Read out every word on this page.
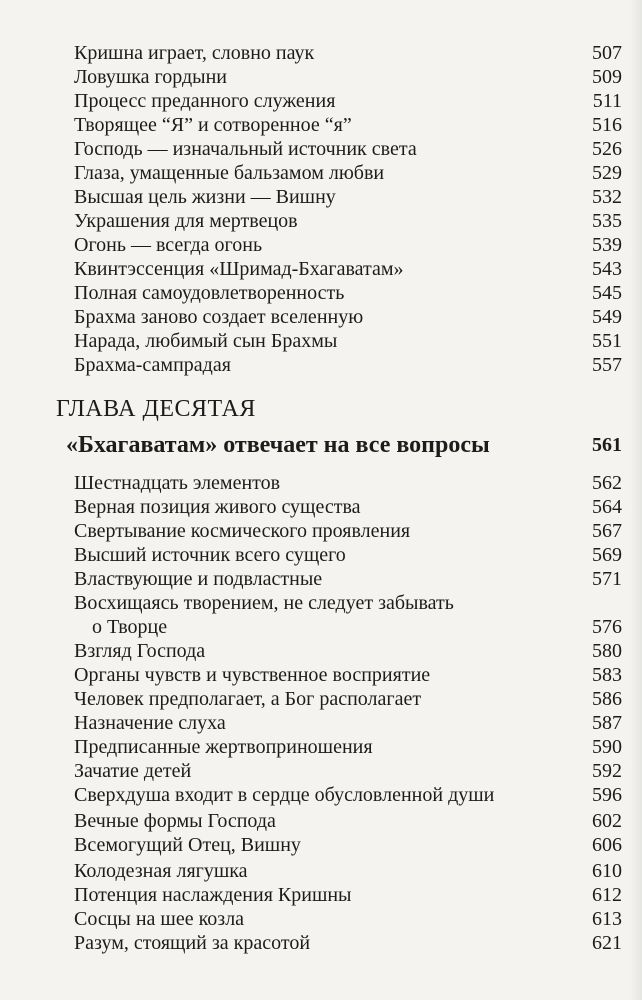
Кришна играет, словно паук	507
Ловушка гордыни	509
Процесс преданного служения	511
Творящее “Я” и сотворенное “я”	516
Господь — изначальный источник света	526
Глаза, умащенные бальзамом любви	529
Высшая цель жизни — Вишну	532
Украшения для мертвецов	535
Огонь — всегда огонь	539
Квинтэссенция «Шримад-Бхагаватам»	543
Полная самоудовлетворенность	545
Брахма заново создает вселенную	549
Нарада, любимый сын Брахмы	551
Брахма-сампрадая	557
ГЛАВА ДЕСЯТАЯ
«Бхагаватам» отвечает на все вопросы	561
Шестнадцать элементов	562
Верная позиция живого существа	564
Свертывание космического проявления	567
Высший источник всего сущего	569
Властвующие и подвластные	571
Восхищаясь творением, не следует забывать
о Творце	576
Взгляд Господа	580
Органы чувств и чувственное восприятие	583
Человек предполагает, а Бог располагает	586
Назначение слуха	587
Предписанные жертвоприношения	590
Зачатие детей	592
Сверхдуша входит в сердце обусловленной души	596
Вечные формы Господа	602
Всемогущий Отец, Вишну	606
Колодезная лягушка	610
Потенция наслаждения Кришны	612
Сосцы на шее козла	613
Разум, стоящий за красотой	621
